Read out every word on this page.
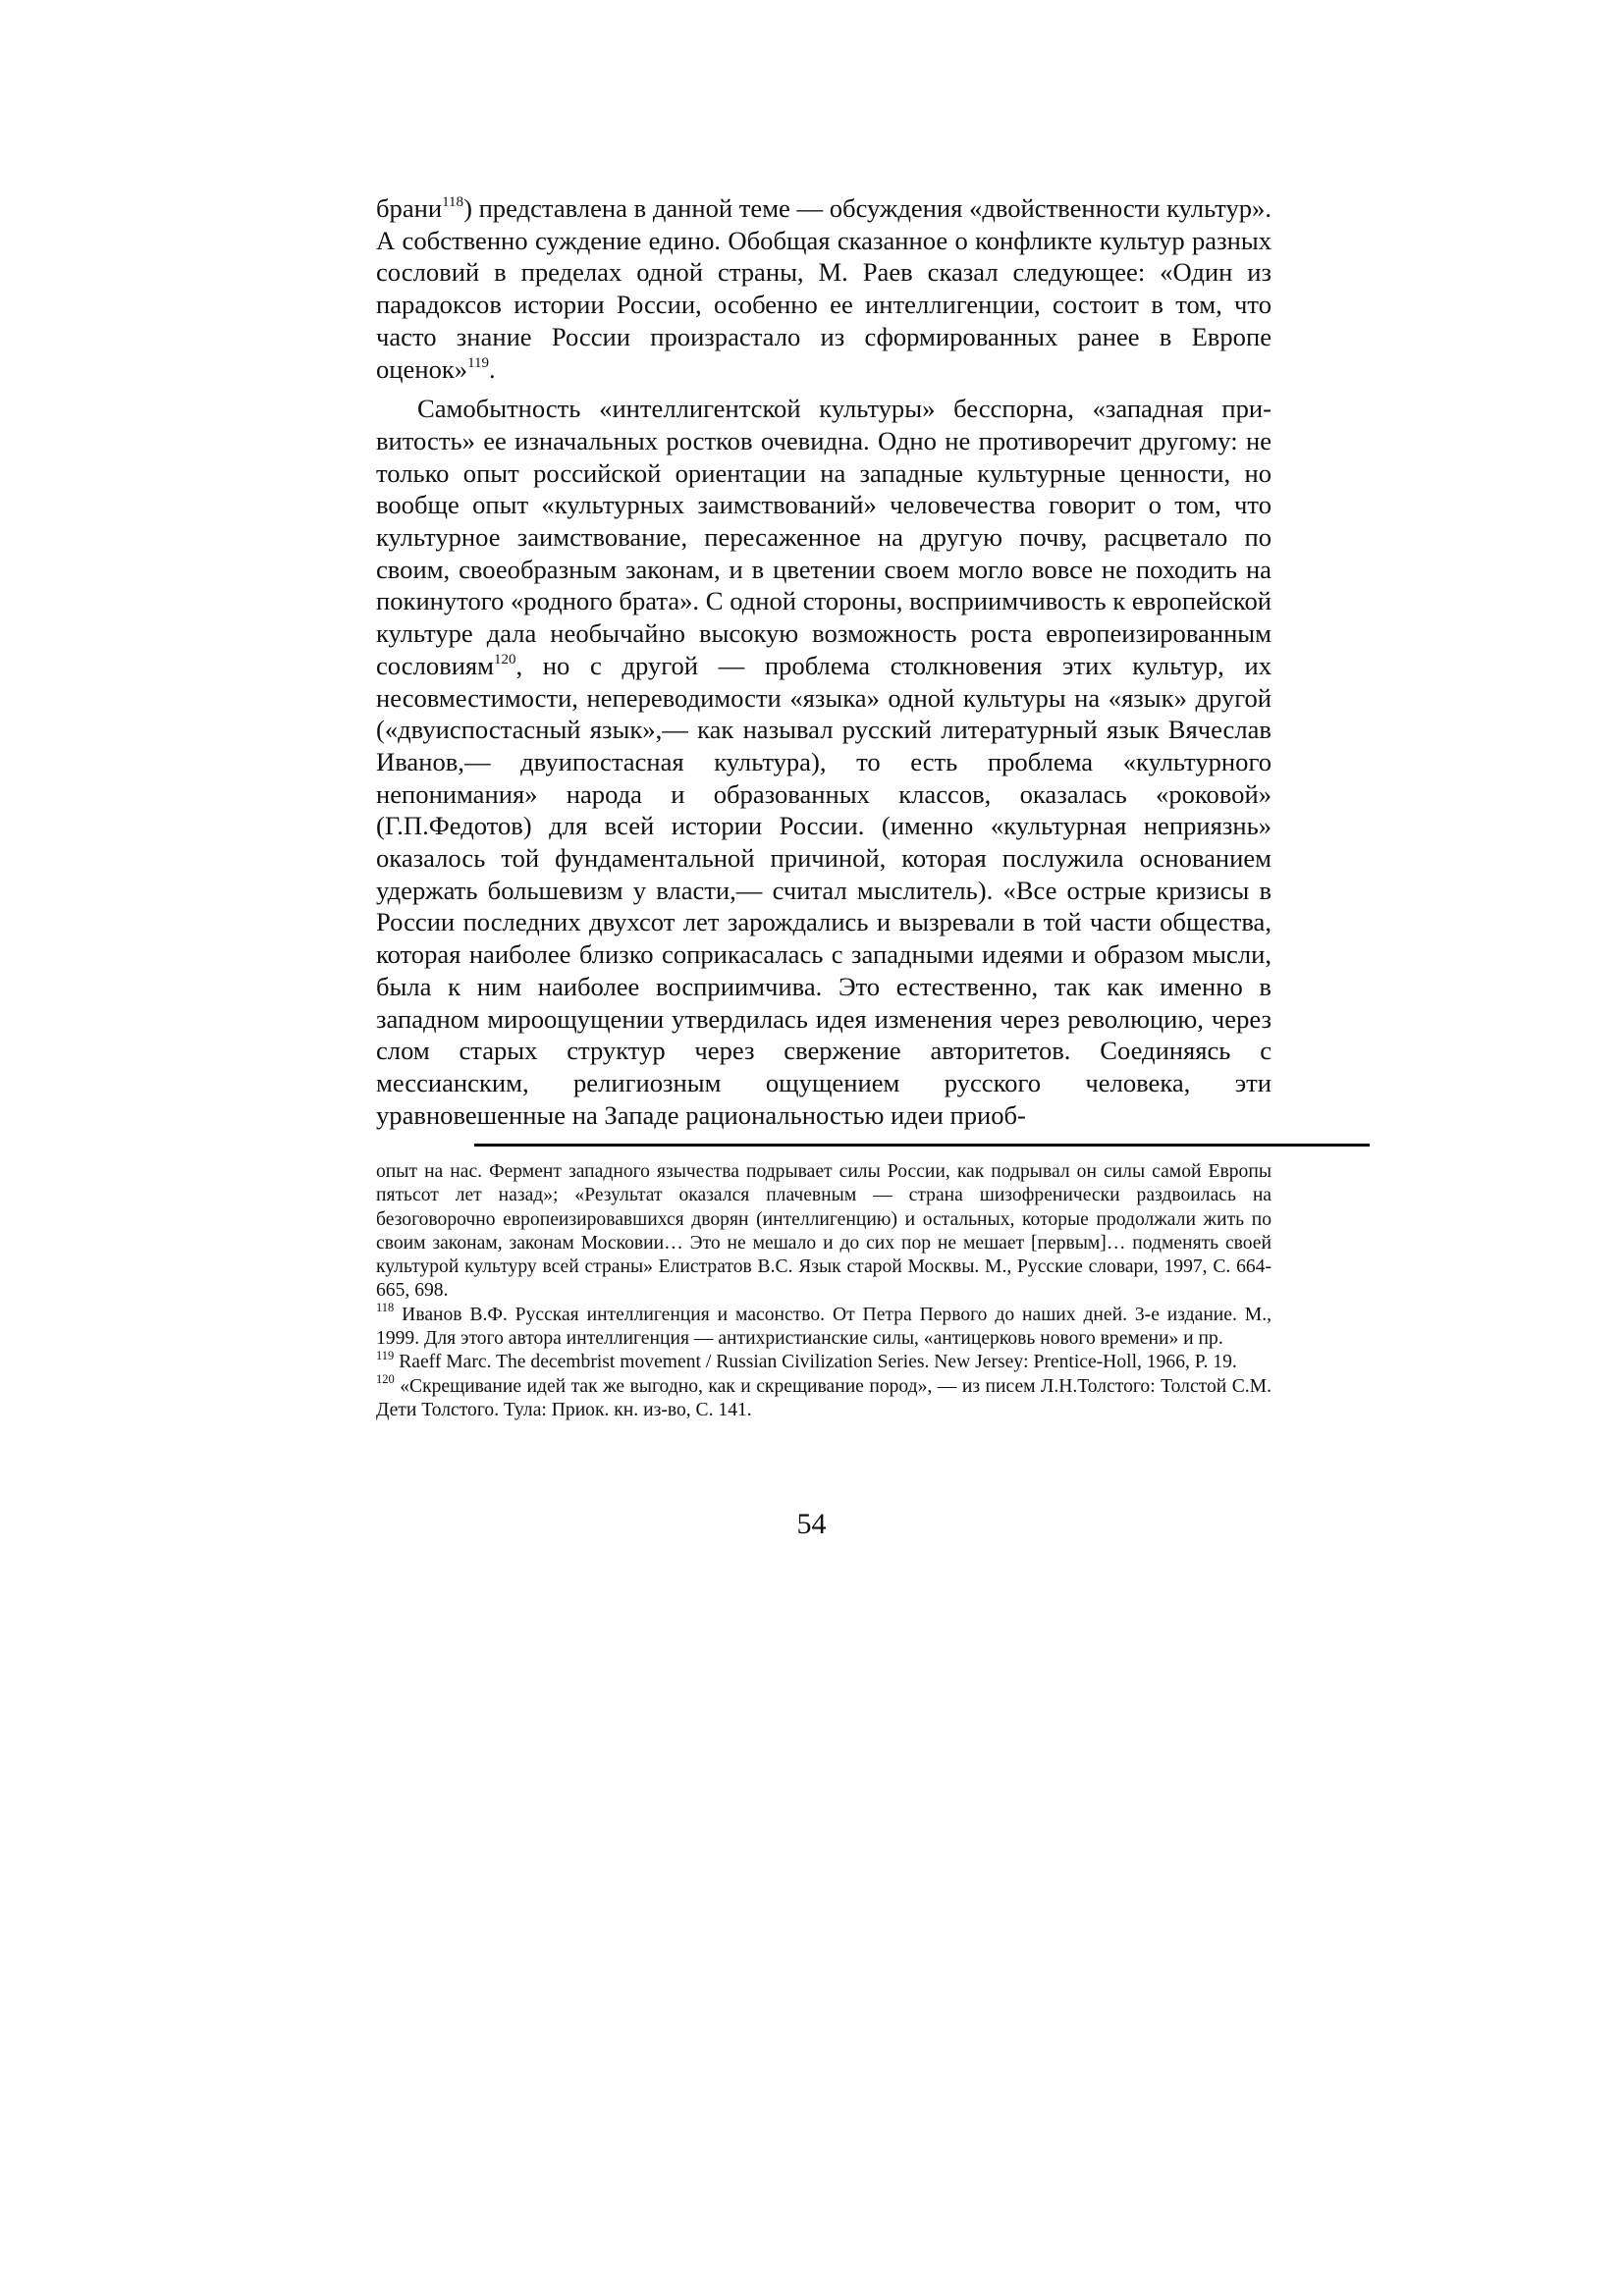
брани$^{118}$) представлена в данной теме — обсуждения «двойственности культур». А собственно суждение едино. Обобщая сказанное о конфликте культур разных сословий в пределах одной страны, М. Раев сказал следующее: «Один из парадоксов истории России, особенно ее интеллигенции, состоит в том, что часто знание России произрастало из сформированных ранее в Европе оценок»$^{119}$.

Самобытность «интеллигентской культуры» бесспорна, «западная привитость» ее изначальных ростков очевидна. Одно не противоречит другому: не только опыт российской ориентации на западные культурные ценности, но вообще опыт «культурных заимствований» человечества говорит о том, что культурное заимствование, пересаженное на другую почву, расцветало по своим, своеобразным законам, и в цветении своем могло вовсе не походить на покинутого «родного брата». С одной стороны, восприимчивость к европейской культуре дала необычайно высокую возможность роста европеизированным сословиям$^{120}$, но с другой — проблема столкновения этих культур, их несовместимости, непереводимости «языка» одной культуры на «язык» другой («двуиспостасный язык»,— как называл русский литературный язык Вячеслав Иванов,— двуипостасная культура), то есть проблема «культурного непонимания» народа и образованных классов, оказалась «роковой» (Г.П.Федотов) для всей истории России. (именно «культурная неприязнь» оказалось той фундаментальной причиной, которая послужила основанием удержать большевизм у власти,— считал мыслитель). «Все острые кризисы в России последних двухсот лет зарождались и вызревали в той части общества, которая наиболее близко соприкасалась с западными идеями и образом мысли, была к ним наиболее восприимчива. Это естественно, так как именно в западном мироощущении утвердилась идея изменения через революцию, через слом старых структур через свержение авторитетов. Соединяясь с мессианским, религиозным ощущением русского человека, эти уравновешенные на Западе рациональностью идеи приоб-

опыт на нас. Фермент западного язычества подрывает силы России, как подрывал он силы самой Европы пятьсот лет назад»; «Результат оказался плачевным — страна шизофренически раздвоилась на безоговорочно европеизировавшихся дворян (интеллигенцию) и остальных, которые продолжали жить по своим законам, законам Московии… Это не мешало и до сих пор не мешает [первым]… подменять своей культурой культуру всей страны» Елистратов В.С. Язык старой Москвы. М., Русские словари, 1997, С. 664-665, 698.

$^{118}$ Иванов В.Ф. Русская интеллигенция и масонство. От Петра Первого до наших дней. 3-е издание. М., 1999. Для этого автора интеллигенция — антихристианские силы, «антицерковь нового времени» и пр.

$^{119}$ Raeff Marc. The decembrist movement / Russian Civilization Series. New Jersey: Prentice-Holl, 1966, P. 19.

$^{120}$ «Скрещивание идей так же выгодно, как и скрещивание пород», — из писем Л.Н.Толстого: Толстой С.М. Дети Толстого. Тула: Приок. кн. из-во, С. 141.

54
